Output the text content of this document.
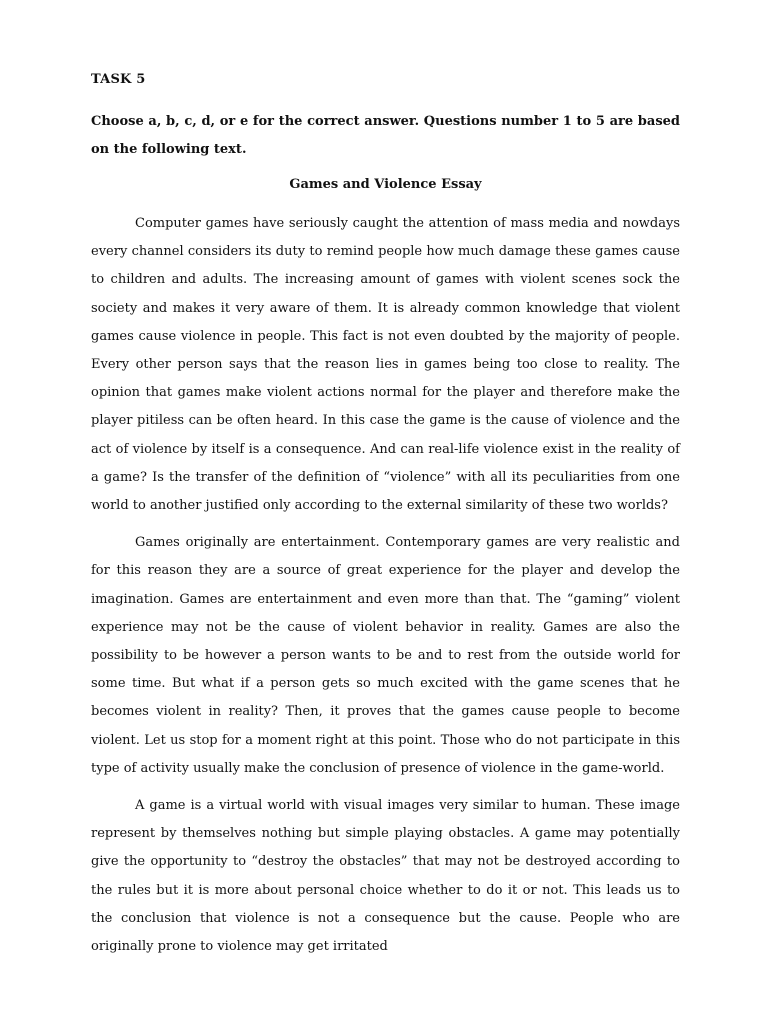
TASK 5
Choose a, b, c, d, or e for the correct answer. Questions number 1 to 5 are based on the following text.
Games and Violence Essay

Computer games have seriously caught the attention of mass media and nowdays every channel considers its duty to remind people how much damage these games cause to children and adults. The increasing amount of games with violent scenes sock the society and makes it very aware of them. It is already common knowledge that violent games cause violence in people. This fact is not even doubted by the majority of people. Every other person says that the reason lies in games being too close to reality. The opinion that games make violent actions normal for the player and therefore make the player pitiless can be often heard. In this case the game is the cause of violence and the act of violence by itself is a consequence. And can real-life violence exist in the reality of a game? Is the transfer of the definition of “violence” with all its peculiarities from one world to another justified only according to the external similarity of these two worlds?

Games originally are entertainment. Contemporary games are very realistic and for this reason they are a source of great experience for the player and develop the imagination. Games are entertainment and even more than that. The “gaming” violent experience may not be the cause of violent behavior in reality. Games are also the possibility to be however a person wants to be and to rest from the outside world for some time. But what if a person gets so much excited with the game scenes that he becomes violent in reality? Then, it proves that the games cause people to become violent. Let us stop for a moment right at this point. Those who do not participate in this type of activity usually make the conclusion of presence of violence in the game-world.

A game is a virtual world with visual images very similar to human. These image represent by themselves nothing but simple playing obstacles. A game may potentially give the opportunity to “destroy the obstacles” that may not be destroyed according to the rules but it is more about personal choice whether to do it or not. This leads us to the conclusion that violence is not a consequence but the cause. People who are originally prone to violence may get irritated
